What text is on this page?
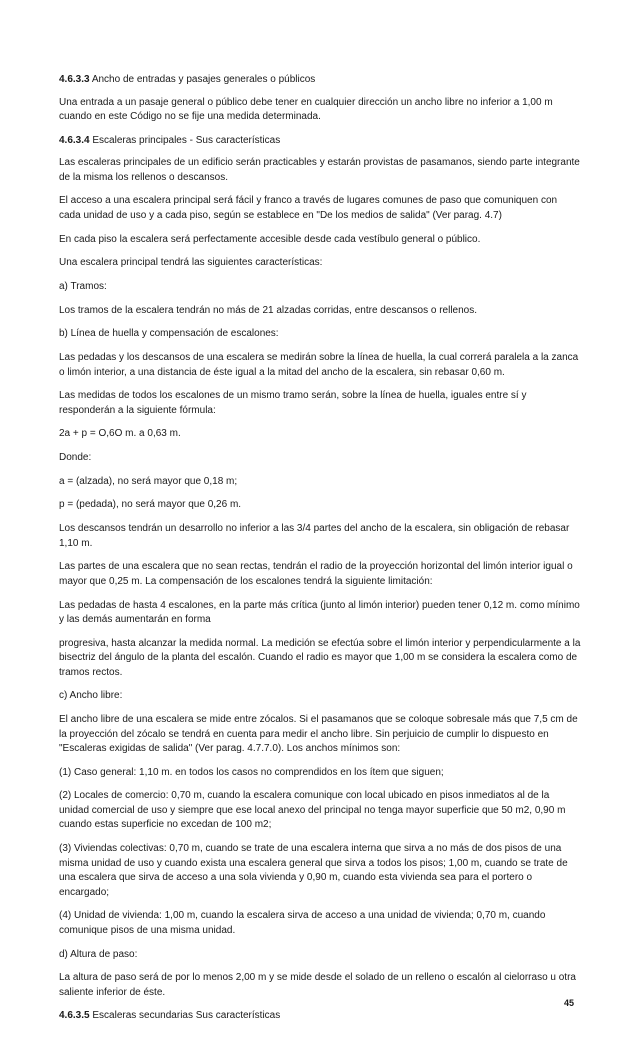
4.6.3.3 Ancho de entradas y pasajes generales o públicos

Una entrada a un pasaje general o público debe tener en cualquier dirección un ancho libre no inferior a 1,00 m cuando en este Código no se fije una medida determinada.

4.6.3.4 Escaleras principales - Sus características

Las escaleras principales de un edificio serán practicables y estarán provistas de pasamanos, siendo parte integrante de la misma los rellenos o descansos.

El acceso a una escalera principal será fácil y franco a través de lugares comunes de paso que comuniquen con cada unidad de uso y a cada piso, según se establece en "De los medios de salida" (Ver parag. 4.7)

En cada piso la escalera será perfectamente accesible desde cada vestíbulo general o público.

Una escalera principal tendrá las siguientes características:

a) Tramos:

Los tramos de la escalera tendrán no más de 21 alzadas corridas, entre descansos o rellenos.

b) Línea de huella y compensación de escalones:

Las pedadas y los descansos de una escalera se medirán sobre la línea de huella, la cual correrá paralela a la zanca o limón interior, a una distancia de éste igual a la mitad del ancho de la escalera, sin rebasar 0,60 m.

Las medidas de todos los escalones de un mismo tramo serán, sobre la línea de huella, iguales entre sí y responderán a la siguiente fórmula:

2a + p = O,6O m. a 0,63 m.

Donde:

a = (alzada), no será mayor que 0,18 m;

p = (pedada), no será mayor que 0,26 m.

Los descansos tendrán un desarrollo no inferior a las 3/4 partes del ancho de la escalera, sin obligación de rebasar 1,10 m.

Las partes de una escalera que no sean rectas, tendrán el radio de la proyección horizontal del limón interior igual o mayor que 0,25 m. La compensación de los escalones tendrá la siguiente limitación:

Las pedadas de hasta 4 escalones, en la parte más crítica (junto al limón interior) pueden tener 0,12 m. como mínimo y las demás aumentarán en forma

progresiva, hasta alcanzar la medida normal. La medición se efectúa sobre el limón interior y perpendicularmente a la bisectriz del ángulo de la planta del escalón. Cuando el radio es mayor que 1,00 m se considera la escalera como de tramos rectos.

c) Ancho libre:

El ancho libre de una escalera se mide entre zócalos. Si el pasamanos que se coloque sobresale más que 7,5 cm de la proyección del zócalo se tendrá en cuenta para medir el ancho libre. Sin perjuicio de cumplir lo dispuesto en "Escaleras exigidas de salida" (Ver parag. 4.7.7.0). Los anchos mínimos son:

(1) Caso general: 1,10 m. en todos los casos no comprendidos en los ítem que siguen;

(2) Locales de comercio: 0,70 m, cuando la escalera comunique con local ubicado en pisos inmediatos al de la unidad comercial de uso y siempre que ese local anexo del principal no tenga mayor superficie que 50 m2, 0,90 m cuando estas superficie no excedan de 100 m2;

(3) Viviendas colectivas: 0,70 m, cuando se trate de una escalera interna que sirva a no más de dos pisos de una misma unidad de uso y cuando exista una escalera general que sirva a todos los pisos; 1,00 m, cuando se trate de una escalera que sirva de acceso a una sola vivienda y 0,90 m, cuando esta vivienda sea para el portero o encargado;

(4) Unidad de vivienda: 1,00 m, cuando la escalera sirva de acceso a una unidad de vivienda; 0,70 m, cuando comunique pisos de una misma unidad.

d) Altura de paso:

La altura de paso será de por lo menos 2,00 m y se mide desde el solado de un relleno o escalón al cielorraso u otra saliente inferior de éste.

4.6.3.5 Escaleras secundarias Sus características

45
